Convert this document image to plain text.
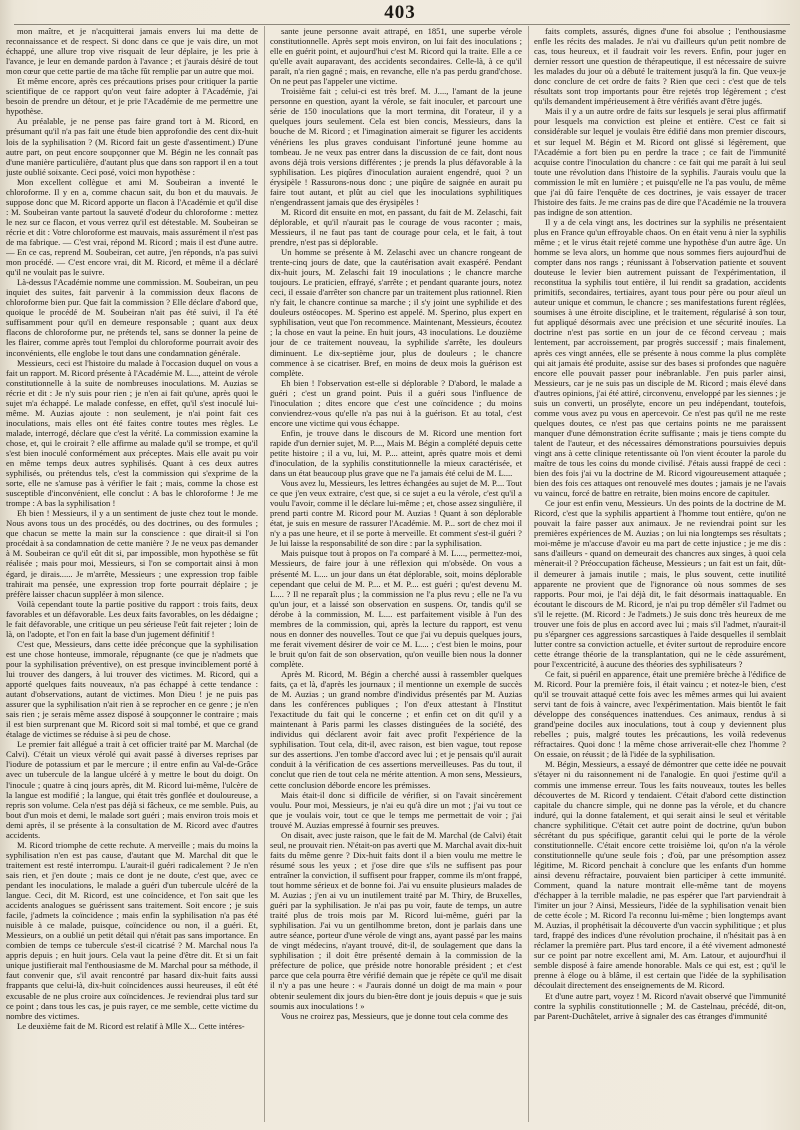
403

mon maître, et je n'acquitterai jamais envers lui ma dette de reconnaissance et de respect. Si donc dans ce que je vais dire, un mot échappé, une allure trop vive risquait de leur déplaire, je les prie à l'avance, je leur en demande pardon à l'avance ; et j'aurais désiré de tout mon cœur que cette partie de ma tâche fût remplie par un autre que moi.

Et même encore, après ces précautions prises pour critiquer la partie scientifique de ce rapport qu'on veut faire adopter à l'Académie, j'ai besoin de prendre un détour, et je prie l'Académie de me permettre une hypothèse.

Au préalable, je ne pense pas faire grand tort à M. Ricord, en présumant qu'il n'a pas fait une étude bien approfondie des cent dix-huit lois de la syphilisation ? (M. Ricord fait un geste d'assentiment.) D'une autre part, on peut encore soupçonner que M. Bégin ne les connaît pas d'une manière particulière, d'autant plus que dans son rapport il en a tout juste oublié soixante. Ceci posé, voici mon hypothèse :

Mon excellent collègue et ami M. Soubeiran a inventé le chloroforme. Il y en a, comme chacun sait, du bon et du mauvais. Je suppose donc que M. Ricord apporte un flacon à l'Académie et qu'il dise : M. Soubeiran vante partout la sauveté d'odeur du chloroforme : mettez le nez sur ce flacon, et vous verrez qu'il est détestable. M. Soubeiran se récrie et dit : Votre chloroforme est mauvais, mais assurément il n'est pas de ma fabrique. — C'est vrai, répond M. Ricord ; mais il est d'une autre. — En ce cas, reprend M. Soubeiran, cet autre, j'en réponds, n'a pas suivi mon procédé. — C'est encore vrai, dit M. Ricord, et même il a déclaré qu'il ne voulait pas le suivre.

Là-dessus l'Académie nomme une commission. M. Soubeiran, un peu inquiet des suites, fait parvenir à la commission deux flacons de chloroforme bien pur. Que fait la commission ? Elle déclare d'abord que, quoique le procédé de M. Soubeiran n'ait pas été suivi, il l'a été suffisamment pour qu'il en demeure responsable ; quant aux deux flacons de chloroforme pur, ne prétends tel, sans se donner la peine de les flairer, comme après tout l'emploi du chloroforme pourrait avoir des inconvénients, elle englobe le tout dans une condamnation générale.

Messieurs, ceci est l'histoire du malade à l'occasion duquel on vous a fait un rapport. M. Ricord présente à l'Académie M. L..., atteint de vérole constitutionnelle à la suite de nombreuses inoculations. M. Auzias se récrie et dit : Je n'y suis pour rien ; je n'en ai fait qu'une, après quoi le sujet m'a échappé. Le malade confesse, en effet, qu'il s'est inoculé lui-même. M. Auzias ajoute : non seulement, je n'ai point fait ces inoculations, mais elles ont été faites contre toutes mes règles. Le malade, interrogé, déclare que c'est la vérité. La commission examine la chose, et, qui le croirait ? elle affirme au malade qu'il se trompe, et qu'il s'est bien inoculé conformément aux préceptes. Mais elle avait pu voir en même temps deux autres syphilisés. Quant à ces deux autres syphilisés, ou prétendus tels, c'est la commission qui s'exprime de la sorte, elle ne s'amuse pas à vérifier le fait ; mais, comme la chose est susceptible d'inconvénient, elle conclut : A bas le chloroforme ! Je me trompe : A bas la syphilisation !

Eh bien ! Messieurs, il y a un sentiment de juste chez tout le monde. Nous avons tous un des procédés, ou des doctrines, ou des formules ; que chacun se mette la main sur la conscience : que dirait-il si l'on procédait à sa condamnation de cette manière ? Je ne veux pas demander à M. Soubeiran ce qu'il eût dit si, par impossible, mon hypothèse se fût réalisée ; mais pour moi, Messieurs, si l'on se comportait ainsi à mon égard, je dirais...... Je m'arrête, Messieurs ; une expression trop faible trahirait ma pensée, une expression trop forte pourrait déplaire ; je préfère laisser chacun suppléer à mon silence.

Voilà cependant toute la partie positive du rapport : trois faits, deux favorables et un défavorable. Les deux faits favorables, on les dédaigne ; le fait défavorable, une critique un peu sérieuse l'eût fait rejeter ; loin de là, on l'adopte, et l'on en fait la base d'un jugement définitif !

C'est que, Messieurs, dans cette idée préconçue que la syphilisation est une chose honteuse, immorale, répugnante (ce que je n'admets que pour la syphilisation préventive), on est presque invinciblement porté à lui trouver des dangers, à lui trouver des victimes. M. Ricord, qui a apporté quelques faits nouveaux, n'a pas échappé à cette tendance : autant d'observations, autant de victimes. Mon Dieu ! je ne puis pas assurer que la syphilisation n'ait rien à se reprocher en ce genre ; je n'en sais rien ; je serais même assez disposé à soupçonner le contraire ; mais il est bien surprenant que M. Ricord soit si mal tombé, et que ce grand étalage de victimes se réduise à si peu de chose.

Le premier fait allégué a trait à cet officier traité par M. Marchal (de Calvi). C'était un vieux vérolé qui avait passé à diverses reprises par l'iodure de potassium et par le mercure ; il entre enfin au Val-de-Grâce avec un tubercule de la langue ulcéré à y mettre le bout du doigt. On l'inocule ; quatre à cinq jours après, dit M. Ricord lui-même, l'ulcère de la langue est modifié ; la langue, qui était très gonflée et douloureuse, a repris son volume. Cela n'est pas déjà si fâcheux, ce me semble. Puis, au bout d'un mois et demi, le malade sort guéri ; mais environ trois mois et demi après, il se présente à la consultation de M. Ricord avec d'autres accidents.

M. Ricord triomphe de cette rechute. A merveille ; mais du moins la syphilisation n'en est pas cause, d'autant que M. Marchal dit que le traitement est resté interrompu. L'aurait-il guéri radicalement ? Je n'en sais rien, et j'en doute ; mais ce dont je ne doute, c'est que, avec ce pendant les inoculations, le malade a guéri d'un tubercule ulcéré de la langue. Ceci, dit M. Ricord, est une coïncidence, et l'on sait que les accidents analogues se guérissent sans traitement. Soit encore ; je suis facile, j'admets la coïncidence ; mais enfin la syphilisation n'a pas été nuisible à ce malade, puisque, coïncidence ou non, il a guéri. Et, Messieurs, on a oublié un petit détail qui n'était pas sans importance. En combien de temps ce tubercule s'est-il cicatrisé ? M. Marchal nous l'a appris depuis ; en huit jours. Cela vaut la peine d'être dit. Et si un fait unique justifierait mal l'enthousiasme de M. Marchal pour sa méthode, il faut convenir que, s'il avait rencontré par hasard dix-huit faits aussi frappants que celui-là, dix-huit coïncidences aussi heureuses, il eût été excusable de ne plus croire aux coïncidences. Je reviendrai plus tard sur ce point ; dans tous les cas, je puis rayer, ce me semble, cette victime du nombre des victimes.

Le deuxième fait de M. Ricord est relatif à Mlle X... Cette intéres-

sante jeune personne avait attrapé, en 1851, une superbe vérole constitutionnelle. Après sept mois environ, on lui fait des inoculations ; elle en guérit point, et aujourd'hui c'est M. Ricord qui la traite. Elle a ce qu'elle avait auparavant, des accidents secondaires. Celle-là, à ce qu'il paraît, n'a rien gagné ; mais, en revanche, elle n'a pas perdu grand'chose. On ne peut pas l'appeler une victime.

Troisième fait ; celui-ci est très bref. M. J...., l'amant de la jeune personne en question, ayant la vérole, se fait inoculer, et parcourt une série de 150 inoculations que la mort termina, dit l'orateur, il y a quelques jours seulement. Cela est bien concis, Messieurs, dans la bouche de M. Ricord ; et l'imagination aimerait se figurer les accidents vénériens les plus graves conduisant l'infortuné jeune homme au tombeau. Je ne veux pas entrer dans la discussion de ce fait, dont nous avons déjà trois versions différentes ; je prends la plus défavorable à la syphilisation. Les piqûres d'inoculation auraient engendré, quoi ? un érysipèle ! Rassurons-nous donc ; une piqûre de saignée en aurait pu faire tout autant, et plût au ciel que les inoculations syphilitiques n'engendrassent jamais que des érysipèles !

M. Ricord dit ensuite en mot, en passant, du fait de M. Zelaschi, fait déplorable, et qu'il n'aurait pas le courage de vous raconter ; mais, Messieurs, il ne faut pas tant de courage pour cela, et le fait, à tout prendre, n'est pas si déplorable.

Un homme se présente à M. Zelaschi avec un chancre rongeant de trente-cinq jours de date, que la cautérisation avait exaspéré. Pendant dix-huit jours, M. Zelaschi fait 19 inoculations ; le chancre marche toujours. Le praticien, effrayé, s'arrête ; et pendant quarante jours, notez ceci, il essaie d'arrêter son chancre par un traitement plus rationnel. Rien n'y fait, le chancre continue sa marche ; il s'y joint une syphilide et des douleurs ostéocopes. M. Sperino est appelé. M. Sperino, plus expert en syphilisation, veut que l'on recommence. Maintenant, Messieurs, écoutez ; la chose en vaut la peine. En huit jours, 43 inoculations. Le douzième jour de ce traitement nouveau, la syphilide s'arrête, les douleurs diminuent. Le dix-septième jour, plus de douleurs ; le chancre commence à se cicatriser. Bref, en moins de deux mois la guérison est complète.

Eh bien ! l'observation est-elle si déplorable ? D'abord, le malade a guéri ; c'est un grand point. Puis il a guéri sous l'influence de l'inoculation ; dites encore que c'est une coïncidence ; du moins conviendrez-vous qu'elle n'a pas nui à la guérison. Et au total, c'est encore une victime qui vous échappe.

Enfin, je trouve dans le discours de M. Ricord une mention fort rapide d'un dernier sujet, M. P...., Mais M. Bégin a complété depuis cette petite histoire ; il a vu, lui, M. P.... atteint, après quatre mois et demi d'inoculation, de la syphilis constitutionnelle la mieux caractérisée, et dans un état beaucoup plus grave que ne l'a jamais été celui de M. L....

Vous avez lu, Messieurs, les lettres échangées au sujet de M. P.... Tout ce que j'en veux extraire, c'est que, si ce sujet a eu la vérole, c'est qu'il a voulu l'avoir, comme il le déclare lui-même ; et, chose assez singulière, il prend parti contre M. Ricord pour M. Auzias ! Quant à son déplorable état, je suis en mesure de rassurer l'Académie. M. P... sort de chez moi il n'y a pas une heure, et il se porte à merveille. Et comment s'est-il guéri ? Je lui laisse la responsabilité de son dire : par la syphilisation.

Mais puisque tout à propos on l'a comparé à M. L...., permettez-moi, Messieurs, de faire jour à une réflexion qui m'obsède. On vous a présenté M. L.... un jour dans un état déplorable, soit, moins déplorable cependant que celui de M. P.... et M. P.... est guéri ; qu'est devenu M. L.... ? Il ne reparaît plus ; la commission ne l'a plus revu ; elle ne l'a vu qu'un jour, et a laissé son observation en suspens. Or, tandis qu'il se dérobe à la commission, M. L.... est parfaitement visible à l'un des membres de la commission, qui, après la lecture du rapport, est venu nous en donner des nouvelles. Tout ce que j'ai vu depuis quelques jours, me ferait vivement désirer de voir ce M. L.... ; c'est bien le moins, pour le bruit qu'on fait de son observation, qu'on veuille bien nous la donner complète.

Après M. Ricord, M. Bégin a cherché aussi à rassembler quelques faits, ça et là, d'après les journaux ; il mentionne un exemple de succès de M. Auzias ; un grand nombre d'individus présentés par M. Auzias dans les conférences publiques ; l'on d'eux attestant à l'Institut l'exactitude du fait qui le concerne ; et enfin cet on dit qu'il y a maintenant à Paris parmi les classes distinguées de la société, des individus qui déclarent avoir fait avec profit l'expérience de la syphilisation. Tout cela, dit-il, avec raison, est bien vague, tout repose sur des assertions. J'en tombe d'accord avec lui ; et je pensais qu'il aurait conduit à la vérification de ces assertions merveilleuses. Pas du tout, il conclut que rien de tout cela ne mérite attention. A mon sens, Messieurs, cette conclusion déborde encore les prémisses.

Mais était-il donc si difficile de vérifier, si on l'avait sincèrement voulu. Pour moi, Messieurs, je n'ai eu qu'à dire un mot ; j'ai vu tout ce que je voulais voir, tout ce que le temps me permettait de voir ; j'ai trouvé M. Auzias empressé à fournir ses preuves.

On disait, avec juste raison, que le fait de M. Marchal (de Calvi) était seul, ne prouvait rien. N'était-on pas averti que M. Marchal avait dix-huit faits du même genre ? Dix-huit faits dont il a bien voulu me mettre le résumé sous les yeux ; et j'ose dire que s'ils ne suffisent pas pour entraîner la conviction, il suffisent pour frapper, comme ils m'ont frappé, tout homme sérieux et de bonne foi. J'ai vu ensuite plusieurs malades de M. Auzias ; j'en ai vu un inutilement traité par M. Thiry, de Bruxelles, guéri par la syphilisation. Je n'ai pas pu voir, faute de temps, un autre traité plus de trois mois par M. Ricord lui-même, guéri par la syphilisation. J'ai vu un gentilhomme breton, dont je parlais dans une autre séance, porteur d'une vérole de vingt ans, ayant passé par les mains de vingt médecins, n'ayant trouvé, dit-il, de soulagement que dans la syphilisation ; il doit être présenté demain à la commission de la préfecture de police, que préside notre honorable président ; et c'est parce que cela pourra être vérifié demain que je répète ce qu'il me disait il n'y a pas une heure : « J'aurais donné un doigt de ma main « pour obtenir seulement dix jours du bien-être dont je jouis depuis « que je suis soumis aux inoculations ! »

Vous ne croirez pas, Messieurs, que je donne tout cela comme des

faits complets, assurés, dignes d'une foi absolue ; l'enthousiasme enfle les récits des malades. Je n'ai vu d'ailleurs qu'un petit nombre de cas, tous heureux, et il faudrait voir les revers. Enfin, pour juger en dernier ressort une question de thérapeutique, il est nécessaire de suivre les malades du jour où a débuté le traitement jusqu'à la fin. Que veux-je donc conclure de cet ordre de faits ? Rien que ceci : c'est que de tels résultats sont trop importants pour être rejetés trop légèrement ; c'est qu'ils demandent impérieusement à être vérifiés avant d'être jugés.

Mais il y a un autre ordre de faits sur lesquels je serai plus affirmatif pour lesquels ma conviction est pleine et entière. C'est ce fait si considérable sur lequel je voulais être édifié dans mon premier discours, et sur lequel M. Bégin et M. Ricord ont glissé si légèrement, que l'Académie a fort bien pu en perdre la trace ; ce fait de l'immunité acquise contre l'inoculation du chancre : ce fait qui me paraît à lui seul toute une révolution dans l'histoire de la syphilis. J'aurais voulu que la commission le mît en lumière ; et puisqu'elle ne l'a pas voulu, de même que j'ai dû faire l'enquête de ces doctrines, je vais essayer de tracer l'histoire des faits. Je me crains pas de dire que l'Académie ne la trouvera pas indigne de son attention.

Il y a de cela vingt ans, les doctrines sur la syphilis ne présentaient plus en France qu'un effroyable chaos. On en était venu à nier la syphilis même ; et le virus était rejeté comme une hypothèse d'un autre âge. Un homme se leva alors, un homme que nous sommes fiers aujourd'hui de compter dans nos rangs ; réunissant à l'observation patiente et souvent douteuse le levier bien autrement puissant de l'expérimentation, il reconstitua la syphilis tout entière, il lui rendit sa gradation, accidents primitifs, secondaires, tertiaires, ayant tous pour père ou pour aïeul un auteur unique et commun, le chancre ; ses manifestations furent réglées, soumises à une étroite discipline, et le traitement, régularisé à son tour, fut appliqué désormais avec une précision et une sécurité inouïes. La doctrine n'est pas sortie en un jour de ce fécond cerveau ; mais lentement, par accroissement, par progrès successif ; mais finalement, après ces vingt années, elle se présente à nous comme la plus complète qui ait jamais été produite, assise sur des bases si profondes que naguère encore elle pouvait passer pour inébranlable. J'en puis parler ainsi, Messieurs, car je ne suis pas un disciple de M. Ricord ; mais élevé dans d'autres opinions, j'ai été attiré, circonvenu, enveloppé par les siennes ; je suis un converti, un prosélyte, encore un peu indépendant, toutefois, comme vous avez pu vous en apercevoir. Ce n'est pas qu'il ne me reste quelques doutes, ce n'est pas que certains points ne me paraissent manquer d'une démonstration écrite suffisante ; mais je tiens compte du talent de l'auteur, et des nécessaires démonstrations poursuivies depuis vingt ans à cette clinique retentissante où l'on vient écouter la parole du maître de tous les coins du monde civilisé. J'étais aussi frappé de ceci : bien des fois j'ai vu la doctrine de M. Ricord vigoureusement attaquée ; bien des fois ces attaques ont renouvelé mes doutes ; jamais je ne l'avais vu vaincu, forcé de battre en retraite, bien moins encore de capituler.

Ce jour est enfin venu, Messieurs. Un des points de la doctrine de M. Ricord, c'est que la syphilis appartient à l'homme tout entière, qu'on ne pouvait la faire passer aux animaux. Je ne reviendrai point sur les premières expériences de M. Auzias ; on lui nia longtemps ses résultats ; moi-même je m'accuse d'avoir eu ma part de cette injustice ; je me dis : sans d'ailleurs - quand on demeurait des chancres aux singes, à quoi cela mènerait-il ? Préoccupation fâcheuse, Messieurs ; un fait est un fait, dût-il demeurer à jamais inutile ; mais, le plus souvent, cette inutilité apparente ne provient que de l'ignorance où nous sommes de ses rapports. Pour moi, je l'ai déjà dit, le fait désormais inattaquable. En écoutant le discours de M. Ricord, je n'ai pu trop démêler s'il l'admet ou s'il le rejette. (M. Ricord : Je l'admets.) Je suis donc très heureux de me trouver une fois de plus en accord avec lui ; mais s'il l'admet, n'aurait-il pu s'épargner ces aggressions sarcastiques à l'aide desquelles il semblait lutter contre sa conviction actuelle, et éviter surtout de reproduire encore cette étrange théorie de la transplantation, qui ne le cède assurément, pour l'excentricité, à aucune des théories des syphilisateurs ?

Ce fait, si puéril en apparence, était une première brèche à l'édifice de M. Ricord. Pour la première fois, il était vaincu ; et notez-le bien, c'est qu'il se trouvait attaqué cette fois avec les mêmes armes qui lui avaient servi tant de fois à vaincre, avec l'expérimentation. Mais bientôt le fait développe des conséquences inattendues. Ces animaux, rendus à si grand'peine dociles aux inoculations, tout à coup y deviennent plus rebelles ; puis, malgré toutes les précautions, les voilà redevenus réfractaires. Quoi donc ! la même chose arriverait-elle chez l'homme ? On essaie, on réussit ; de là l'idée de la syphilisation.

M. Bégin, Messieurs, a essayé de démontrer que cette idée ne pouvait s'étayer ni du raisonnement ni de l'analogie. En quoi j'estime qu'il a commis une immense erreur. Tous les faits nouveaux, toutes les belles découvertes de M. Ricord y tendaient. C'était d'abord cette distinction capitale du chancre simple, qui ne donne pas la vérole, et du chancre induré, qui la donne fatalement, et qui serait ainsi le seul et véritable chancre syphilitique. C'était cet autre point de doctrine, qu'un bubon sécrétant du pus spécifique, garantit celui qui le porte de la vérole constitutionnelle. C'était encore cette troisième loi, qu'on n'a la vérole constitutionnelle qu'une seule fois ; d'où, par une présomption assez légitime, M. Ricord penchait à conclure que les enfants d'un homme ainsi devenu réfractaire, pouvaient bien participer à cette immunité. Comment, quand la nature montrait elle-même tant de moyens d'échapper à la terrible maladie, ne pas espérer que l'art parviendrait à l'imiter un jour ? Ainsi, Messieurs, l'idée de la syphilisation venait bien de cette école ; M. Ricord l'a reconnu lui-même ; bien longtemps avant M. Auzias, il prophétisait la découverte d'un vaccin syphilitique ; et plus tard, frappé des indices d'une révolution prochaine, il n'hésitait pas à en réclamer la première part. Plus tard encore, il a été vivement admonesté sur ce point par notre excellent ami, M. Am. Latour, et aujourd'hui il semble disposé à faire amende honorable. Mals ce qui est, est ; qu'il le prenne à éloge ou à blâme, il est certain que l'idée de la syphilisation découlait directement des enseignements de M. Ricord.

Et d'une autre part, voyez ! M. Ricord n'avait observé que l'immunité contre la syphilis constitutionnelle ; M. de Castelnau, précédé, dit-on, par Parent-Duchâtelet, arrive à signaler des cas étranges d'immunité
